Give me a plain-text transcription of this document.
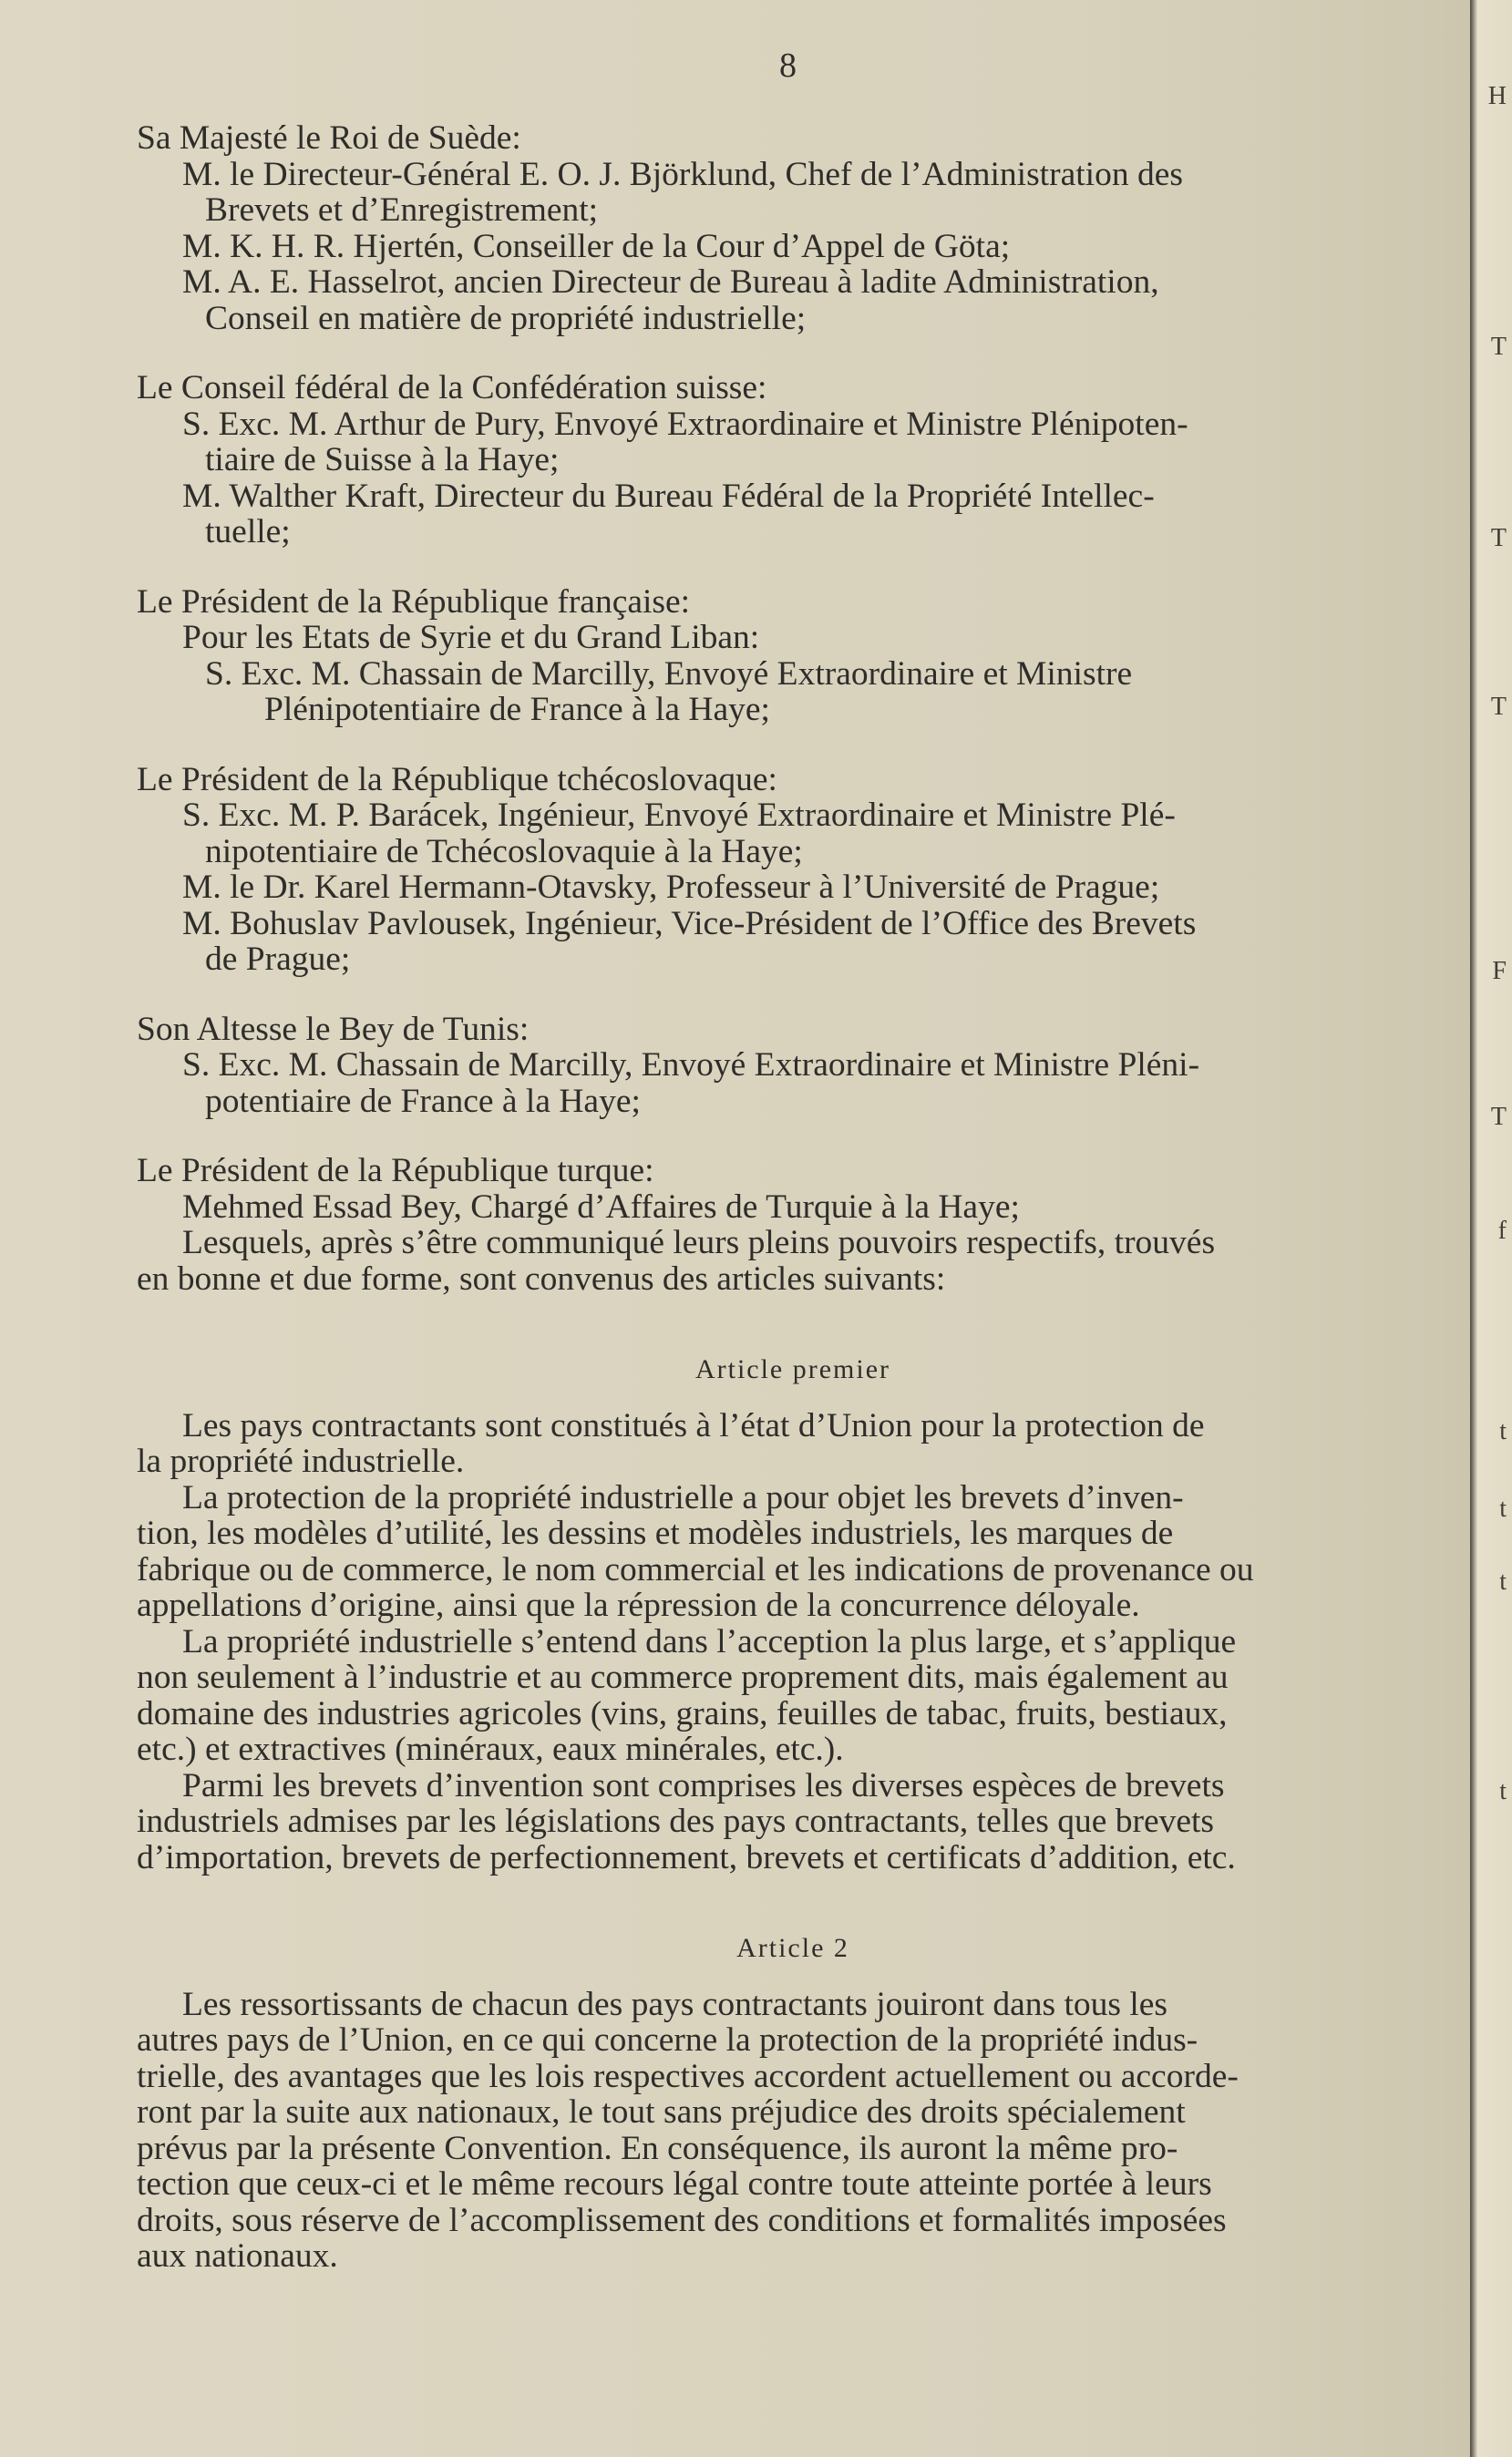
8
Sa Majesté le Roi de Suède:
M. le Directeur-Général E. O. J. Björklund, Chef de l’Administration des
Brevets et d’Enregistrement;
M. K. H. R. Hjertén, Conseiller de la Cour d’Appel de Göta;
M. A. E. Hasselrot, ancien Directeur de Bureau à ladite Administration,
Conseil en matière de propriété industrielle;
Le Conseil fédéral de la Confédération suisse:
S. Exc. M. Arthur de Pury, Envoyé Extraordinaire et Ministre Plénipoten-
tiaire de Suisse à la Haye;
M. Walther Kraft, Directeur du Bureau Fédéral de la Propriété Intellec-
tuelle;
Le Président de la République française:
Pour les Etats de Syrie et du Grand Liban:
S. Exc. M. Chassain de Marcilly, Envoyé Extraordinaire et Ministre
Plénipotentiaire de France à la Haye;
Le Président de la République tchécoslovaque:
S. Exc. M. P. Barácek, Ingénieur, Envoyé Extraordinaire et Ministre Plé-
nipotentiaire de Tchécoslovaquie à la Haye;
M. le Dr. Karel Hermann-Otavsky, Professeur à l’Université de Prague;
M. Bohuslav Pavlousek, Ingénieur, Vice-Président de l’Office des Brevets
de Prague;
Son Altesse le Bey de Tunis:
S. Exc. M. Chassain de Marcilly, Envoyé Extraordinaire et Ministre Pléni-
potentiaire de France à la Haye;
Le Président de la République turque:
Mehmed Essad Bey, Chargé d’Affaires de Turquie à la Haye;
Lesquels, après s’être communiqué leurs pleins pouvoirs respectifs, trouvés
en bonne et due forme, sont convenus des articles suivants:
Article premier
Les pays contractants sont constitués à l’état d’Union pour la protection de
la propriété industrielle.
La protection de la propriété industrielle a pour objet les brevets d’inven-
tion, les modèles d’utilité, les dessins et modèles industriels, les marques de
fabrique ou de commerce, le nom commercial et les indications de provenance ou
appellations d’origine, ainsi que la répression de la concurrence déloyale.
La propriété industrielle s’entend dans l’acception la plus large, et s’applique
non seulement à l’industrie et au commerce proprement dits, mais également au
domaine des industries agricoles (vins, grains, feuilles de tabac, fruits, bestiaux,
etc.) et extractives (minéraux, eaux minérales, etc.).
Parmi les brevets d’invention sont comprises les diverses espèces de brevets
industriels admises par les législations des pays contractants, telles que brevets
d’importation, brevets de perfectionnement, brevets et certificats d’addition, etc.
Article 2
Les ressortissants de chacun des pays contractants jouiront dans tous les
autres pays de l’Union, en ce qui concerne la protection de la propriété indus-
trielle, des avantages que les lois respectives accordent actuellement ou accorde-
ront par la suite aux nationaux, le tout sans préjudice des droits spécialement
prévus par la présente Convention. En conséquence, ils auront la même pro-
tection que ceux-ci et le même recours légal contre toute atteinte portée à leurs
droits, sous réserve de l’accomplissement des conditions et formalités imposées
aux nationaux.
H
T
T
T
F
T
f
t
t
t
t
